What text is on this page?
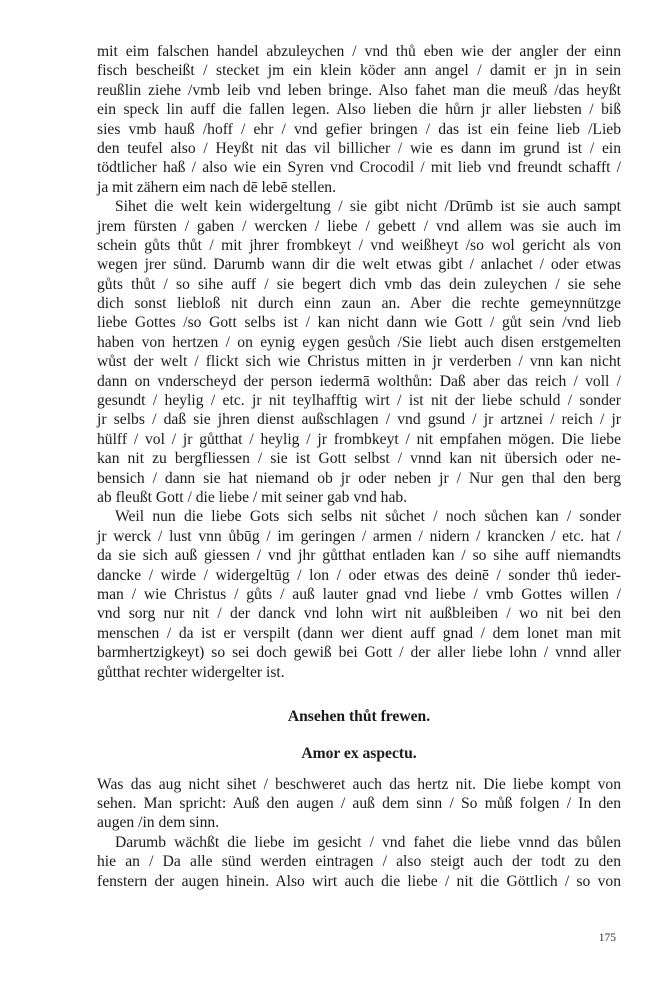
mit eim falschen handel abzuleychen / vnd thů eben wie der angler der einn
fisch bescheißt / stecket jm ein klein köder ann angel / damit er jn in sein
reußlin ziehe /vmb leib vnd leben bringe. Also fahet man die meuß /das heyßt
ein speck lin auff die fallen legen. Also lieben die hůrn jr aller liebsten / biß
sies vmb hauß /hoff / ehr / vnd gefier bringen / das ist ein feine lieb /Lieb
den teufel also / Heyßt nit das vil billicher / wie es dann im grund ist / ein
tödtlicher haß / also wie ein Syren vnd Crocodil / mit lieb vnd freundt schafft /
ja mit zähern eim nach dē lebē stellen.
Sihet die welt kein widergeltung / sie gibt nicht /Drūmb ist sie auch sampt
jrem fürsten / gaben / wercken / liebe / gebett / vnd allem was sie auch im
schein gůts thůt / mit jhrer frombkeyt / vnd weißheyt /so wol gericht als von
wegen jrer sünd. Darumb wann dir die welt etwas gibt / anlachet / oder etwas
gůts thůt / so sihe auff / sie begert dich vmb das dein zuleychen / sie sehe
dich sonst liebloß nit durch einn zaun an. Aber die rechte gemeynnützge
liebe Gottes /so Gott selbs ist / kan nicht dann wie Gott / gůt sein /vnd lieb
haben von hertzen / on eynig eygen gesůch /Sie liebt auch disen erstgemelten
wůst der welt / flickt sich wie Christus mitten in jr verderben / vnn kan nicht
dann on vnderscheyd der person iedermā wolthůn: Daß aber das reich / voll /
gesundt / heylig / etc. jr nit teylhafftig wirt / ist nit der liebe schuld / sonder
jr selbs / daß sie jhren dienst außschlagen / vnd gsund / jr artznei / reich / jr
hülff / vol / jr gůtthat / heylig / jr frombkeyt / nit empfahen mögen. Die liebe
kan nit zu bergfliessen / sie ist Gott selbst / vnnd kan nit übersich oder ne-
bensich / dann sie hat niemand ob jr oder neben jr / Nur gen thal den berg
ab fleußt Gott / die liebe / mit seiner gab vnd hab.
Weil nun die liebe Gots sich selbs nit sůchet / noch sůchen kan / sonder
jr werck / lust vnn ůbūg / im geringen / armen / nidern / krancken / etc. hat /
da sie sich auß giessen / vnd jhr gůtthat entladen kan / so sihe auff niemandts
dancke / wirde / widergeltūg / lon / oder etwas des deinē / sonder thů ieder-
man / wie Christus / gůts / auß lauter gnad vnd liebe / vmb Gottes willen /
vnd sorg nur nit / der danck vnd lohn wirt nit außbleiben / wo nit bei den
menschen / da ist er verspilt (dann wer dient auff gnad / dem lonet man mit
barmhertzigkeyt) so sei doch gewiß bei Gott / der aller liebe lohn / vnnd aller
gůtthat rechter widergelter ist.
Ansehen thůt frewen.
Amor ex aspectu.
Was das aug nicht sihet / beschweret auch das hertz nit. Die liebe kompt von
sehen. Man spricht: Auß den augen / auß dem sinn / So můß folgen / In den
augen /in dem sinn.
Darumb wächßt die liebe im gesicht / vnd fahet die liebe vnnd das bůlen
hie an / Da alle sünd werden eintragen / also steigt auch der todt zu den
fenstern der augen hinein. Also wirt auch die liebe / nit die Göttlich / so von
175
